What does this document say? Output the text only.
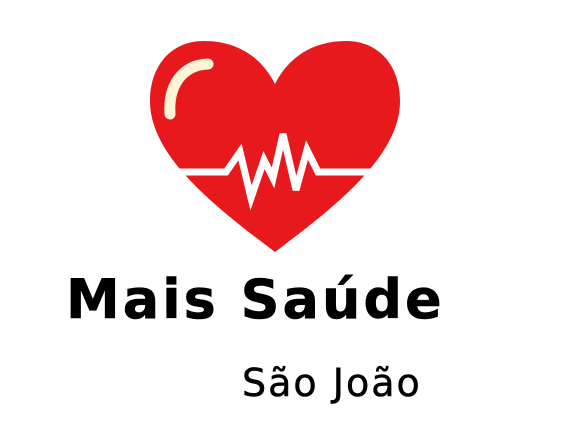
Mais Saúde
São João
